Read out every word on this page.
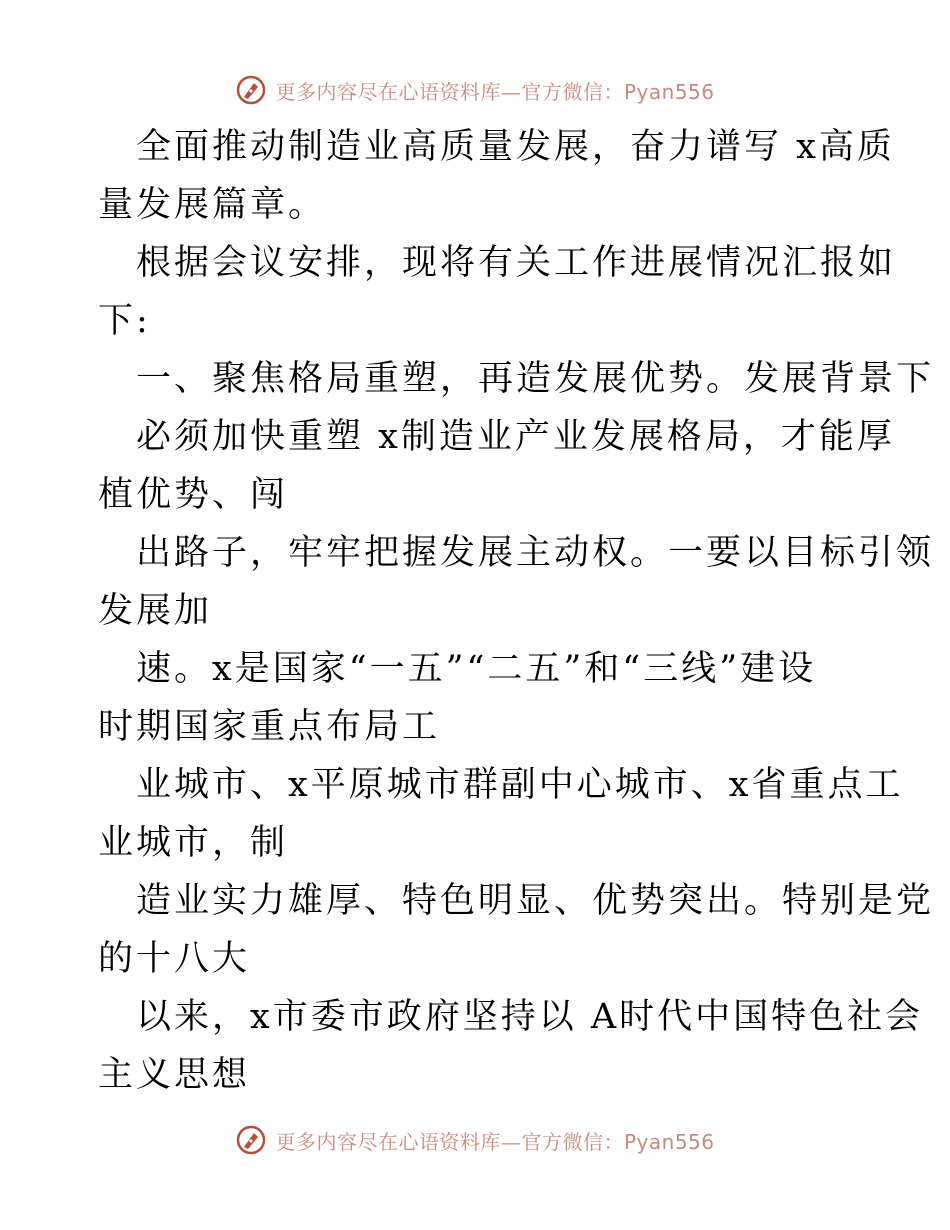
更多内容尽在心语资料库—官方微信：Pyan556
全面推动制造业高质量发展，奋力谱写 x高质
量发展篇章。
根据会议安排，现将有关工作进展情况汇报如
下:
一、聚焦格局重塑，再造发展优势。发展背景下
必须加快重塑 x制造业产业发展格局，才能厚
植优势、闯
出路子，牢牢把握发展主动权。一要以目标引领
发展加
速。x是国家“一五”“二五”和“三线”建设
时期国家重点布局工
业城市、x平原城市群副中心城市、x省重点工
业城市，制
造业实力雄厚、特色明显、优势突出。特别是党
的十八大
以来，x市委市政府坚持以 A时代中国特色社会
主义思想
更多内容尽在心语资料库—官方微信：Pyan556
